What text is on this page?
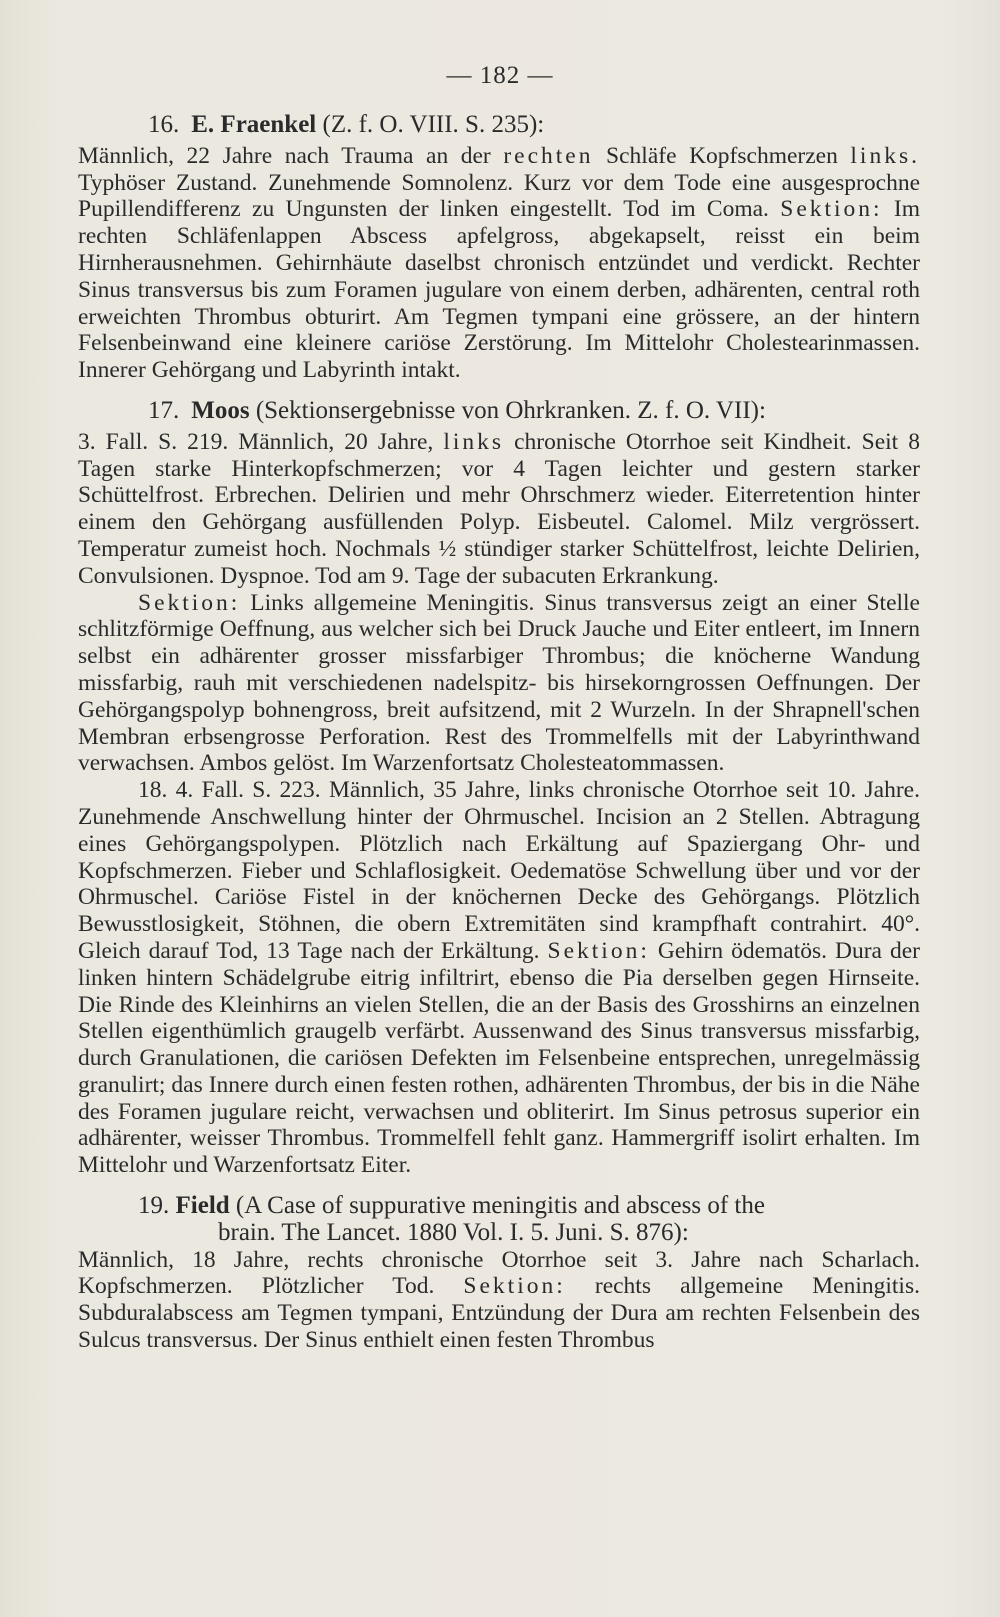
— 182 —
16. E. Fraenkel (Z. f. O. VIII. S. 235):

Männlich, 22 Jahre nach Trauma an der rechten Schläfe Kopfschmerzen links. Typhöser Zustand. Zunehmende Somnolenz. Kurz vor dem Tode eine ausgesprochne Pupillendifferenz zu Ungunsten der linken eingestellt. Tod im Coma. Sektion: Im rechten Schläfenlappen Abscess apfelgross, abgekapselt, reisst ein beim Hirnherausnehmen. Gehirnhäute daselbst chronisch entzündet und verdickt. Rechter Sinus transversus bis zum Foramen jugulare von einem derben, adhärenten, central roth erweichten Thrombus obturirt. Am Tegmen tympani eine grössere, an der hintern Felsenbeinwand eine kleinere cariöse Zerstörung. Im Mittelohr Cholestearinmassen. Innerer Gehörgang und Labyrinth intakt.

17. Moos (Sektionsergebnisse von Ohrkranken. Z. f. O. VII):

3. Fall. S. 219. Männlich, 20 Jahre, links chronische Otorrhoe seit Kindheit. Seit 8 Tagen starke Hinterkopfschmerzen; vor 4 Tagen leichter und gestern starker Schüttelfrost. Erbrechen. Delirien und mehr Ohrschmerz wieder. Eiterretention hinter einem den Gehörgang ausfüllenden Polyp. Eisbeutel. Calomel. Milz vergrössert. Temperatur zumeist hoch. Nochmals ½ stündiger starker Schüttelfrost, leichte Delirien, Convulsionen. Dyspnoe. Tod am 9. Tage der subacuten Erkrankung.

Sektion: Links allgemeine Meningitis. Sinus transversus zeigt an einer Stelle schlitzförmige Oeffnung, aus welcher sich bei Druck Jauche und Eiter entleert, im Innern selbst ein adhärenter grosser missfarbiger Thrombus; die knöcherne Wandung missfarbig, rauh mit verschiedenen nadelspitz- bis hirsekorngrossen Oeffnungen. Der Gehörgangspolyp bohnengross, breit aufsitzend, mit 2 Wurzeln. In der Shrapnell'schen Membran erbsengrosse Perforation. Rest des Trommelfells mit der Labyrinthwand verwachsen. Ambos gelöst. Im Warzenfortsatz Cholesteatommassen.

18. 4. Fall. S. 223. Männlich, 35 Jahre, links chronische Otorrhoe seit 10. Jahre. Zunehmende Anschwellung hinter der Ohrmuschel. Incision an 2 Stellen. Abtragung eines Gehörgangspolypen. Plötzlich nach Erkältung auf Spaziergang Ohr- und Kopfschmerzen. Fieber und Schlaflosigkeit. Oedematöse Schwellung über und vor der Ohrmuschel. Cariöse Fistel in der knöchernen Decke des Gehörgangs. Plötzlich Bewusstlosigkeit, Stöhnen, die obern Extremitäten sind krampfhaft contrahirt. 40°. Gleich darauf Tod, 13 Tage nach der Erkältung. Sektion: Gehirn ödematös. Dura der linken hintern Schädelgrube eitrig infiltrirt, ebenso die Pia derselben gegen Hirnseite. Die Rinde des Kleinhirns an vielen Stellen, die an der Basis des Grosshirns an einzelnen Stellen eigenthümlich graugelb verfärbt. Aussenwand des Sinus transversus missfarbig, durch Granulationen, die cariösen Defekten im Felsenbeine entsprechen, unregelmässig granulirt; das Innere durch einen festen rothen, adhärenten Thrombus, der bis in die Nähe des Foramen jugulare reicht, verwachsen und obliterirt. Im Sinus petrosus superior ein adhärenter, weisser Thrombus. Trommelfell fehlt ganz. Hammergriff isolirt erhalten. Im Mittelohr und Warzenfortsatz Eiter.

19. Field (A Case of suppurative meningitis and abscess of the
brain. The Lancet. 1880 Vol. I. 5. Juni. S. 876):

Männlich, 18 Jahre, rechts chronische Otorrhoe seit 3. Jahre nach Scharlach. Kopfschmerzen. Plötzlicher Tod. Sektion: rechts allgemeine Meningitis. Subduralabscess am Tegmen tympani, Entzündung der Dura am rechten Felsenbein des Sulcus transversus. Der Sinus enthielt einen festen Thrombus
